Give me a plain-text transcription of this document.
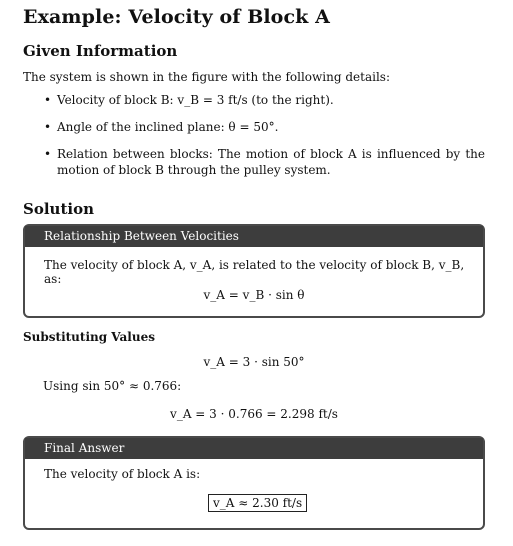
Example: Velocity of Block A
Given Information
The system is shown in the figure with the following details:
• Velocity of block B: v_B = 3 ft/s (to the right).
• Angle of the inclined plane: θ = 50°.
• Relation between blocks: The motion of block A is influenced by the motion of block B through the pulley system.
Solution
Relationship Between Velocities
The velocity of block A, v_A, is related to the velocity of block B, v_B, as:
v_A = v_B · sin θ
Substituting Values
v_A = 3 · sin 50°
Using sin 50° ≈ 0.766:
v_A = 3 · 0.766 = 2.298 ft/s
Final Answer
The velocity of block A is:
v_A ≈ 2.30 ft/s
